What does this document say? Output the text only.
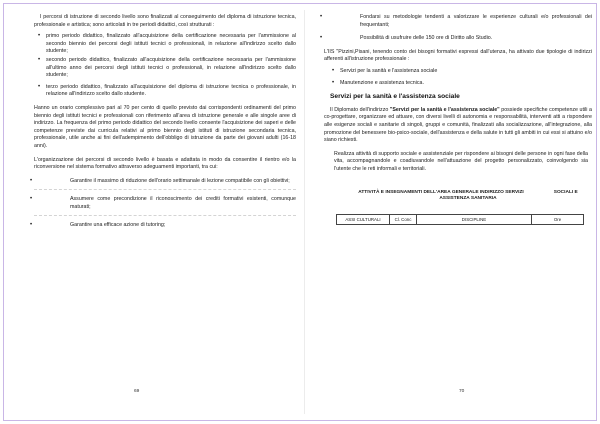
I percorsi di istruzione di secondo livello sono finalizzati al conseguimento del diploma di istruzione tecnica, professionale e artistica; sono articolati in tre periodi didattici, così strutturati :

• primo periodo didattico, finalizzato all'acquisizione della certificazione necessaria per l'ammissione al secondo biennio dei percorsi degli istituti tecnici o professionali, in relazione all'indirizzo scelto dallo studente;
• secondo periodo didattico, finalizzato all'acquisizione della certificazione necessaria per l'ammissione all'ultimo anno dei percorsi degli istituti tecnici o professionali, in relazione all'indirizzo scelto dallo studente;
• terzo periodo didattico, finalizzato all'acquisizione del diploma di istruzione tecnica o professionale, in relazione all'indirizzo scelto dallo studente.

Hanno un orario complessivo pari al 70 per cento di quello previsto dai corrispondenti ordinamenti del primo biennio degli istituti tecnici e professionali con riferimento all'area di istruzione generale e alle singole aree di indirizzo. La frequenza del primo periodo didattico del secondo livello consente l'acquisizione dei saperi e delle competenze previste dai curricula relativi al primo biennio degli istituti di istruzione secondaria tecnica, professionale, utile anche ai fini dell'adempimento dell'obbligo di istruzione da parte dei giovani adulti (16-18 anni).

L'organizzazione dei percorsi di secondo livello è basata e adattata in modo da consentire il rientro e/o la riconversione nel sistema formativo attraverso adeguamenti importanti, tra cui:

• Garantire il massimo di riduzione dell'orario settimanale di lezione compatibile con gli obiettivi;
• Assumere come precondizione il riconoscimento dei crediti formativi esistenti, comunque maturati;
• Garantire una efficace azione di tutoring;
• Fondarsi su metodologie tendenti a valorizzare le esperienze culturali e/o professionali dei frequentanti;
• Possibilità di usufruire delle 150 ore di Diritto allo Studio.

L'IIS "Pizzini,Pisani, tenendo conto dei bisogni formativi espressi dall'utenza, ha attivato due tipologie di indirizzi afferenti all'istruzione professionale :

• Servizi per la sanità e l'assistenza sociale
• Manutenzione e assistenza tecnica.
Servizi per la sanità e l'assistenza sociale

Il Diplomato dell'indirizzo "Servizi per la sanità e l'assistenza sociale" possiede specifiche competenze utili a co-progettare, organizzare ed attuare, con diversi livelli di autonomia e responsabilità, interventi atti a rispondere alle esigenze sociali e sanitarie di singoli, gruppi e comunità, finalizzati alla socializzazione, all'integrazione, alla promozione del benessere bio-psico-sociale, dell'assistenza e della salute in tutti gli ambiti in cui essi si attuino e/o siano richiesti.

Realizza attività di supporto sociale e assistenziale per rispondere ai bisogni delle persone in ogni fase della vita, accompagnandole e coadiuvandole nell'attuazione del progetto personalizzato, coinvolgendo sia l'utente che le reti informali e territoriali.

ATTIVITÀ E INSEGNAMENTI DELL'AREA GENERALE INDIRIZZO SERVIZI	SOCIALI E
ASSISTENZA SANITARIA
ASSI CULTURALI	Cl. Conc	DISCIPLINE	Ore
69	70
